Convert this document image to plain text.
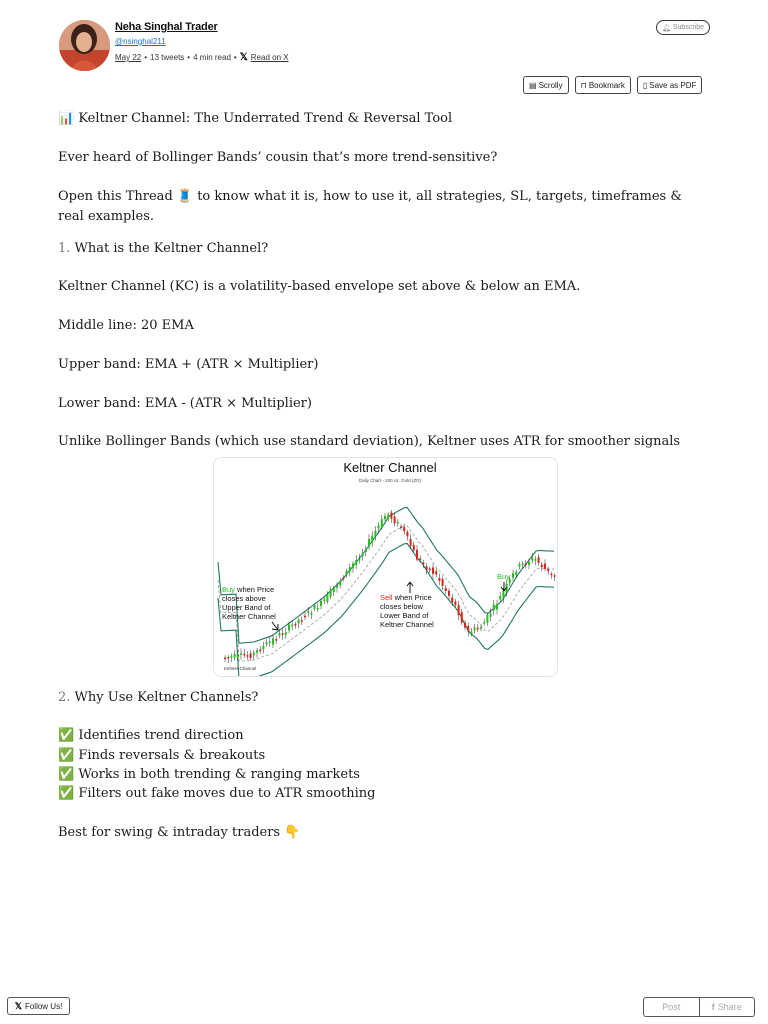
Neha Singhal Trader
@nsinghal211
May 22 • 13 tweets • 4 min read • 𝕏 Read on X
🔔︎ Subscribe
▤ Scrolly ⊓ Bookmark ▯ Save as PDF
📊 Keltner Channel: The Underrated Trend & Reversal Tool
Ever heard of Bollinger Bands’ cousin that’s more trend-sensitive?
Open this Thread 🧵 to know what it is, how to use it, all strategies, SL, targets, timeframes & real examples.
1. What is the Keltner Channel?
Keltner Channel (KC) is a volatility-based envelope set above & below an EMA.
Middle line: 20 EMA
Upper band: EMA + (ATR × Multiplier)
Lower band: EMA - (ATR × Multiplier)
Unlike Bollinger Bands (which use standard deviation), Keltner uses ATR for smoother signals
2. Why Use Keltner Channels?
✅ Identifies trend direction
✅ Finds reversals & breakouts
✅ Works in both trending & ranging markets
✅ Filters out fake moves due to ATR smoothing
Best for swing & intraday traders 👇
Keltner Channel
Daily Chart - 100 oz. Gold (ZG)
Buy when Price closes above Upper Band of Keltner Channel
Sell when Price closes below Lower Band of Keltner Channel
Buy
Keltner Channel
𝕏 Follow Us!	Post	f Share
